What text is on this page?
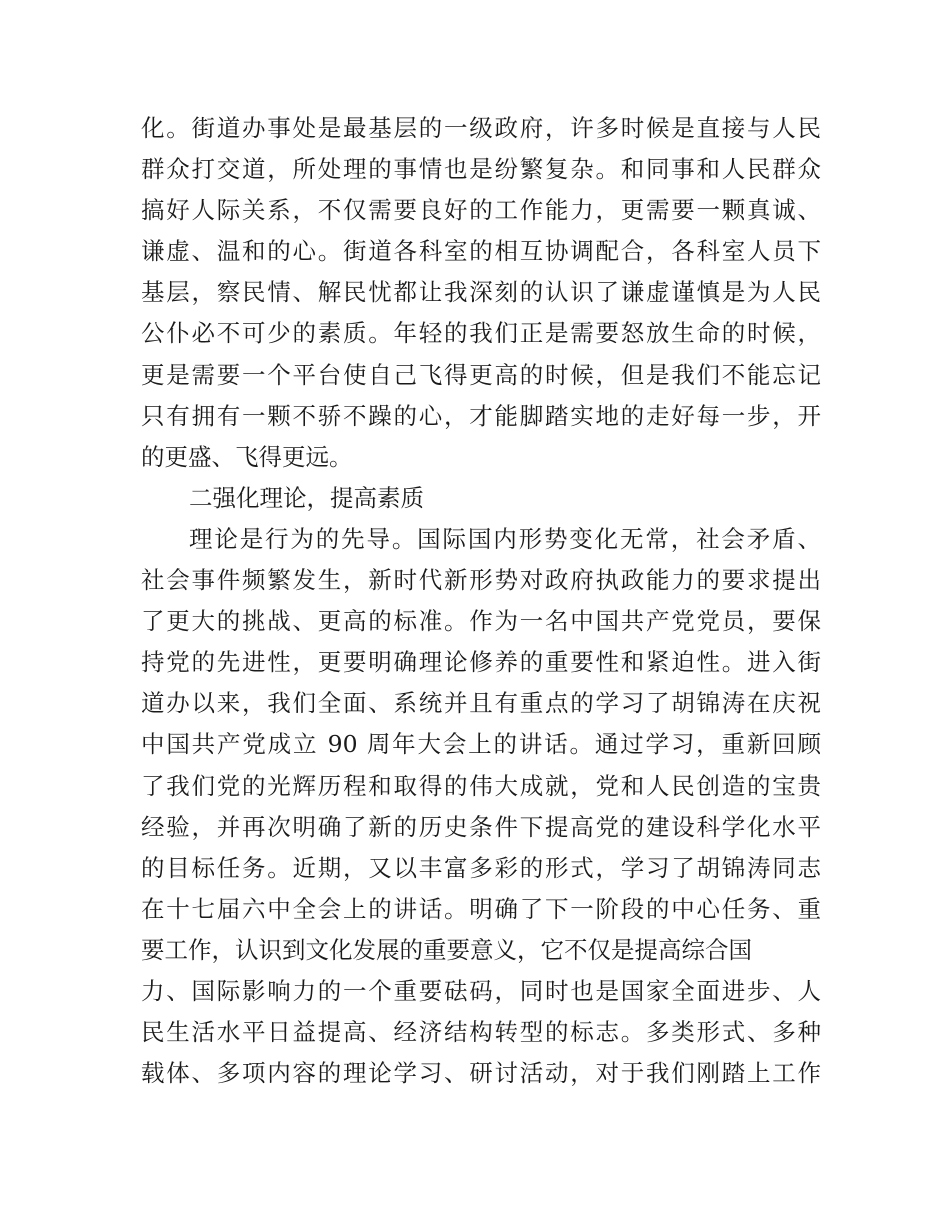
化。街道办事处是最基层的一级政府，许多时候是直接与人民
群众打交道，所处理的事情也是纷繁复杂。和同事和人民群众
搞好人际关系，不仅需要良好的工作能力，更需要一颗真诚、
谦虚、温和的心。街道各科室的相互协调配合，各科室人员下
基层，察民情、解民忧都让我深刻的认识了谦虚谨慎是为人民
公仆必不可少的素质。年轻的我们正是需要怒放生命的时候，
更是需要一个平台使自己飞得更高的时候，但是我们不能忘记
只有拥有一颗不骄不躁的心，才能脚踏实地的走好每一步，开
的更盛、飞得更远。
二强化理论，提高素质
理论是行为的先导。国际国内形势变化无常，社会矛盾、
社会事件频繁发生，新时代新形势对政府执政能力的要求提出
了更大的挑战、更高的标准。作为一名中国共产党党员，要保
持党的先进性，更要明确理论修养的重要性和紧迫性。进入街
道办以来，我们全面、系统并且有重点的学习了胡锦涛在庆祝
中国共产党成立 90 周年大会上的讲话。通过学习，重新回顾
了我们党的光辉历程和取得的伟大成就，党和人民创造的宝贵
经验，并再次明确了新的历史条件下提高党的建设科学化水平
的目标任务。近期，又以丰富多彩的形式，学习了胡锦涛同志
在十七届六中全会上的讲话。明确了下一阶段的中心任务、重
要工作，认识到文化发展的重要意义，它不仅是提高综合国
力、国际影响力的一个重要砝码，同时也是国家全面进步、人
民生活水平日益提高、经济结构转型的标志。多类形式、多种
载体、多项内容的理论学习、研讨活动，对于我们刚踏上工作
